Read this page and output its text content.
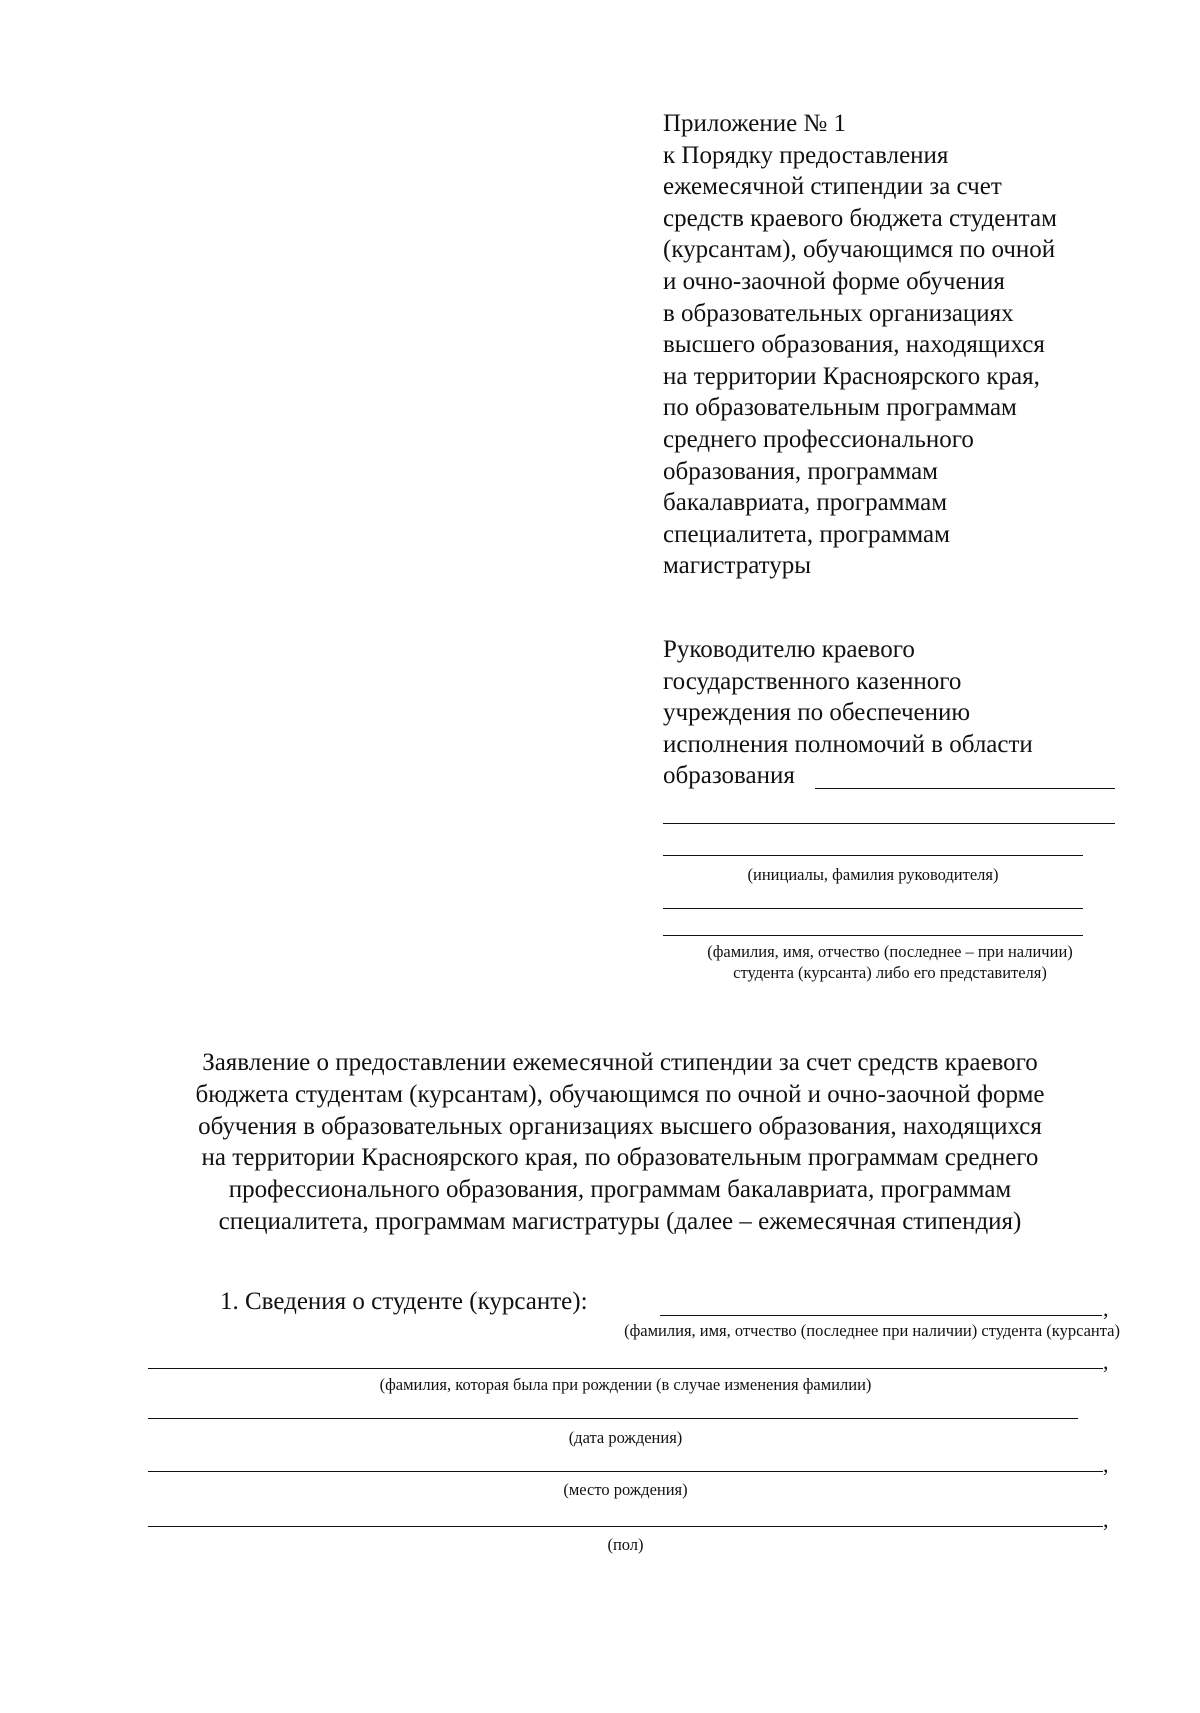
Приложение № 1
к Порядку предоставления
ежемесячной стипендии за счет
средств краевого бюджета студентам
(курсантам), обучающимся по очной
и очно-заочной форме обучения
в образовательных организациях
высшего образования, находящихся
на территории Красноярского края,
по образовательным программам
среднего профессионального
образования, программам
бакалавриата, программам
специалитета, программам
магистратуры
Руководителю краевого
государственного казенного
учреждения по обеспечению
исполнения полномочий в области
образования
(инициалы, фамилия руководителя)
(фамилия, имя, отчество (последнее – при наличии)
студента (курсанта) либо его представителя)
Заявление о предоставлении ежемесячной стипендии за счет средств краевого
бюджета студентам (курсантам), обучающимся по очной и очно-заочной форме
обучения в образовательных организациях высшего образования, находящихся
на территории Красноярского края, по образовательным программам среднего
профессионального образования, программам бакалавриата, программам
специалитета, программам магистратуры (далее – ежемесячная стипендия)
1. Сведения о студенте (курсанте):	,
(фамилия, имя, отчество (последнее при наличии) студента (курсанта)
,
(фамилия, которая была при рождении (в случае изменения фамилии)
(дата рождения)
,
(место рождения)
,
(пол)
